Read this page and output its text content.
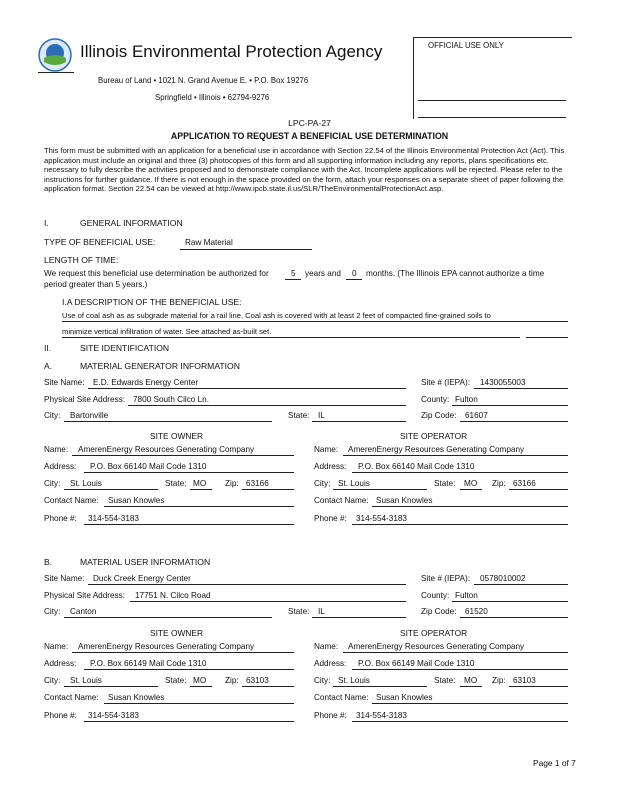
Illinois Environmental Protection Agency
Bureau of Land • 1021 N. Grand Avenue E. • P.O. Box 19276
Springfield • Illinois • 62794-9276
OFFICIAL USE ONLY
LPC-PA-27
APPLICATION TO REQUEST A BENEFICIAL USE DETERMINATION
This form must be submitted with an application for a beneficial use in accordance with Section 22.54 of the Illinois Environmental Protection Act (Act). This application must include an original and three (3) photocopies of this form and all supporting information including any reports, plans specifications etc. necessary to fully describe the activities proposed and to demonstrate compliance with the Act. Incomplete applications will be rejected. Please refer to the instructions for further guidance. If there is not enough in the space provided on the form, attach your responses on a separate sheet of paper following the application format. Section 22.54 can be viewed at http://www.ipcb.state.il.us/SLR/TheEnvironmentalProtectionAct.asp.
I.	GENERAL INFORMATION
TYPE OF BENEFICIAL USE:	Raw Material
LENGTH OF TIME:
We request this beneficial use determination be authorized for	5 years and 0 months. (The Illinois EPA cannot authorize a time
period greater than 5 years.)
I.A DESCRIPTION OF THE BENEFICIAL USE:
Use of coal ash as as subgrade material for a rail line. Coal ash is covered with at least 2 feet of compacted fine-grained soils to
minimize vertical infiltration of water. See attached as-built set.
II.	SITE IDENTIFICATION
A.	MATERIAL GENERATOR INFORMATION
Site Name: E.D. Edwards Energy Center	Site # (IEPA): 1430055003
Physical Site Address: 7800 South Cilco Ln.	County: Fulton
City: Bartonville	State: IL	Zip Code: 61607
SITE OWNER
Name: AmerenEnergy Resources Generating Company
Address: P.O. Box 66140 Mail Code 1310
City: St. Louis	State: MO Zip: 63166
Contact Name: Susan Knowles
Phone #: 314-554-3183
SITE OPERATOR
Name: AmerenEnergy Resources Generating Company
Address: P.O. Box 66140 Mail Code 1310
City: St. Louis	State: MO Zip: 63166
Contact Name: Susan Knowles
Phone #: 314-554-3183
B.	MATERIAL USER INFORMATION
Site Name: Duck Creek Energy Center	Site # (IEPA): 0578010002
Physical Site Address: 17751 N. Cilco Road	County: Fulton
City: Canton	State: IL	Zip Code: 61520
SITE OWNER
Name: AmerenEnergy Resources Generating Company
Address: P.O. Box 66149 Mail Code 1310
City: St. Louis	State: MO Zip: 63103
Contact Name: Susan Knowles
Phone #: 314-554-3183
SITE OPERATOR
Name: AmerenEnergy Resources Generating Company
Address: P.O. Box 66149 Mail Code 1310
City: St. Louis	State: MO Zip: 63103
Contact Name: Susan Knowles
Phone #: 314-554-3183
Page 1 of 7
